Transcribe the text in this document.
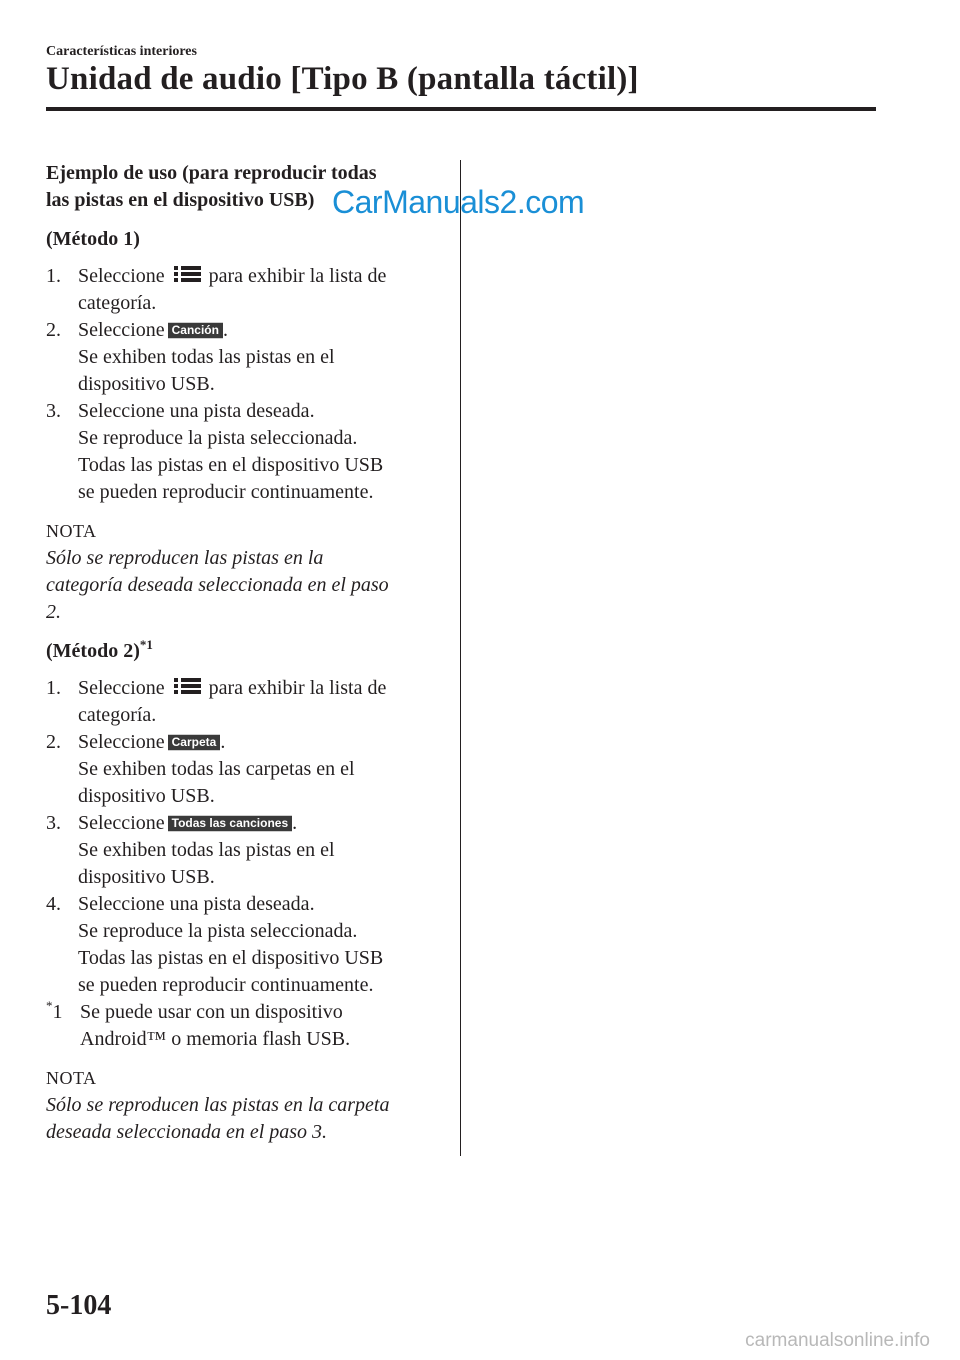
Características interiores
Unidad de audio [Tipo B (pantalla táctil)]

Ejemplo de uso (para reproducir todas
las pistas en el dispositivo USB)

(Método 1)

1. Seleccione para exhibir la lista de
categoría.
2. Seleccione Canción .
Se exhiben todas las pistas en el
dispositivo USB.
3. Seleccione una pista deseada.
Se reproduce la pista seleccionada.
Todas las pistas en el dispositivo USB
se pueden reproducir continuamente.
NOTA
Sólo se reproducen las pistas en la
categoría deseada seleccionada en el paso
2.

(Método 2)$^{*1}$

1. Seleccione para exhibir la lista de
categoría.
2. Seleccione Carpeta .
Se exhiben todas las carpetas en el
dispositivo USB.
3. Seleccione Todas las canciones .
Se exhiben todas las pistas en el
dispositivo USB.
4. Seleccione una pista deseada.
Se reproduce la pista seleccionada.
Todas las pistas en el dispositivo USB
se pueden reproducir continuamente.
*1 Se puede usar con un dispositivo
Android™ o memoria flash USB.
NOTA
Sólo se reproducen las pistas en la carpeta
deseada seleccionada en el paso 3.
CarManuals2.com
5-104
carmanualsonline.info
